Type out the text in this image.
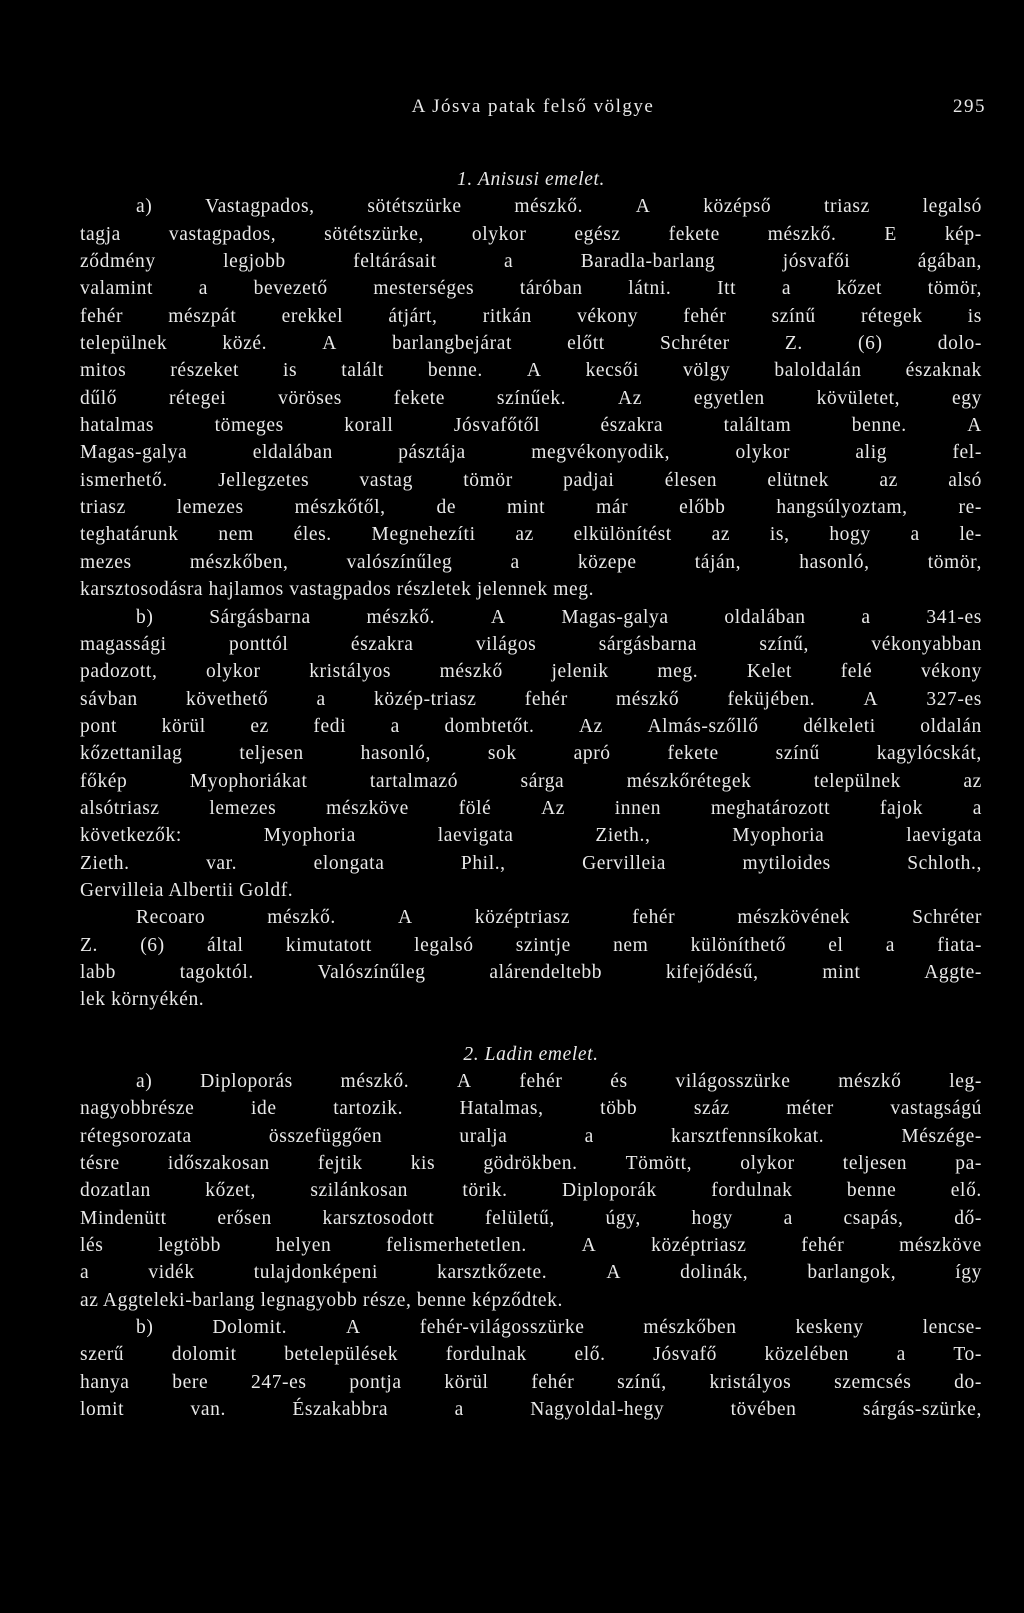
A Jósva patak felső völgye	295
1. Anisusi emelet.
a)	Vastagpados,	sötétszürke	mészkő.	A	középső	triasz	legalsó
tagja vastagpados, sötétszürke, olykor egész fekete mészkő. E kép-
ződmény	legjobb	feltárásait	a	Baradla-barlang	jósvafői	ágában,
valamint a bevezető mesterséges táróban látni. Itt a kőzet tömör,
fehér mészpát erekkel átjárt, ritkán vékony fehér színű rétegek is
települnek	közé.	A	barlangbejárat	előtt	Schréter	Z.	(6)	dolo-
mitos részeket is talált benne. A kecsői völgy baloldalán északnak
dűlő	rétegei	vöröses	fekete	színűek.	Az	egyetlen	kövületet,	egy
hatalmas	tömeges	korall	Jósvafőtől	északra	találtam	benne.	A
Magas-galya	eldalában	pásztája	megvékonyodik,	olykor	alig	fel-
ismerhető.	Jellegzetes	vastag	tömör	padjai	élesen	elütnek	az	alsó
triasz	lemezes	mészkőtől,	de	mint	már	előbb	hangsúlyoztam,	re-
teghatárunk nem éles. Megnehezíti az elkülönítést az is, hogy a le-
mezes	mészkőben,	valószínűleg	a	közepe	táján,	hasonló,	tömör,
karsztosodásra hajlamos vastagpados részletek jelennek meg.
b)	Sárgásbarna	mészkő.	A	Magas-galya	oldalában	a	341-es
magassági	ponttól	északra	világos	sárgásbarna	színű,	vékonyabban
padozott, olykor kristályos mészkő jelenik meg. Kelet felé vékony
sávban követhető a közép-triasz fehér mészkő feküjében. A 327-es
pont körül ez fedi a dombtetőt. Az Almás-szőllő délkeleti oldalán
kőzettanilag	teljesen	hasonló,	sok	apró	fekete	színű	kagylócskát,
főkép	Myophoriákat	tartalmazó	sárga	mészkőrétegek	települnek	az
alsótriasz	lemezes	mészköve	fölé	Az	innen	meghatározott	fajok	a
következők:	Myophoria	laevigata	Zieth.,	Myophoria	laevigata
Zieth.	var.	elongata	Phil.,	Gervilleia	mytiloides	Schloth.,
Gervilleia Albertii Goldf.
Recoaro	mészkő.	A	középtriasz	fehér	mészkövének	Schréter
Z. (6) által kimutatott legalsó szintje nem különíthető el a fiata-
labb	tagoktól.	Valószínűleg	alárendeltebb	kifejődésű,	mint	Aggte-
lek környékén.
2. Ladin emelet.
a) Diploporás mészkő. A fehér és világosszürke mészkő leg-
nagyobbrésze	ide	tartozik.	Hatalmas,	több	száz	méter	vastagságú
rétegsorozata	összefüggően	uralja	a	karsztfennsíkokat.	Mészége-
tésre időszakosan fejtik kis gödrökben. Tömött, olykor teljesen pa-
dozatlan	kőzet,	szilánkosan	törik.	Diploporák	fordulnak	benne	elő.
Mindenütt	erősen	karsztosodott	felületű,	úgy,	hogy	a	csapás,	dő-
lés	legtöbb	helyen	felismerhetetlen.	A	középtriasz	fehér	mészköve
a	vidék	tulajdonképeni	karsztkőzete.	A	dolinák,	barlangok,	így
az Aggteleki-barlang legnagyobb része, benne képződtek.
b)	Dolomit.	A	fehér-világosszürke	mészkőben	keskeny	lencse-
szerű dolomit betelepülések fordulnak elő. Jósvafő közelében a To-
hanya bere 247-es pontja körül fehér színű, kristályos szemcsés do-
lomit	van.	Északabbra	a	Nagyoldal-hegy	tövében	sárgás-szürke,
